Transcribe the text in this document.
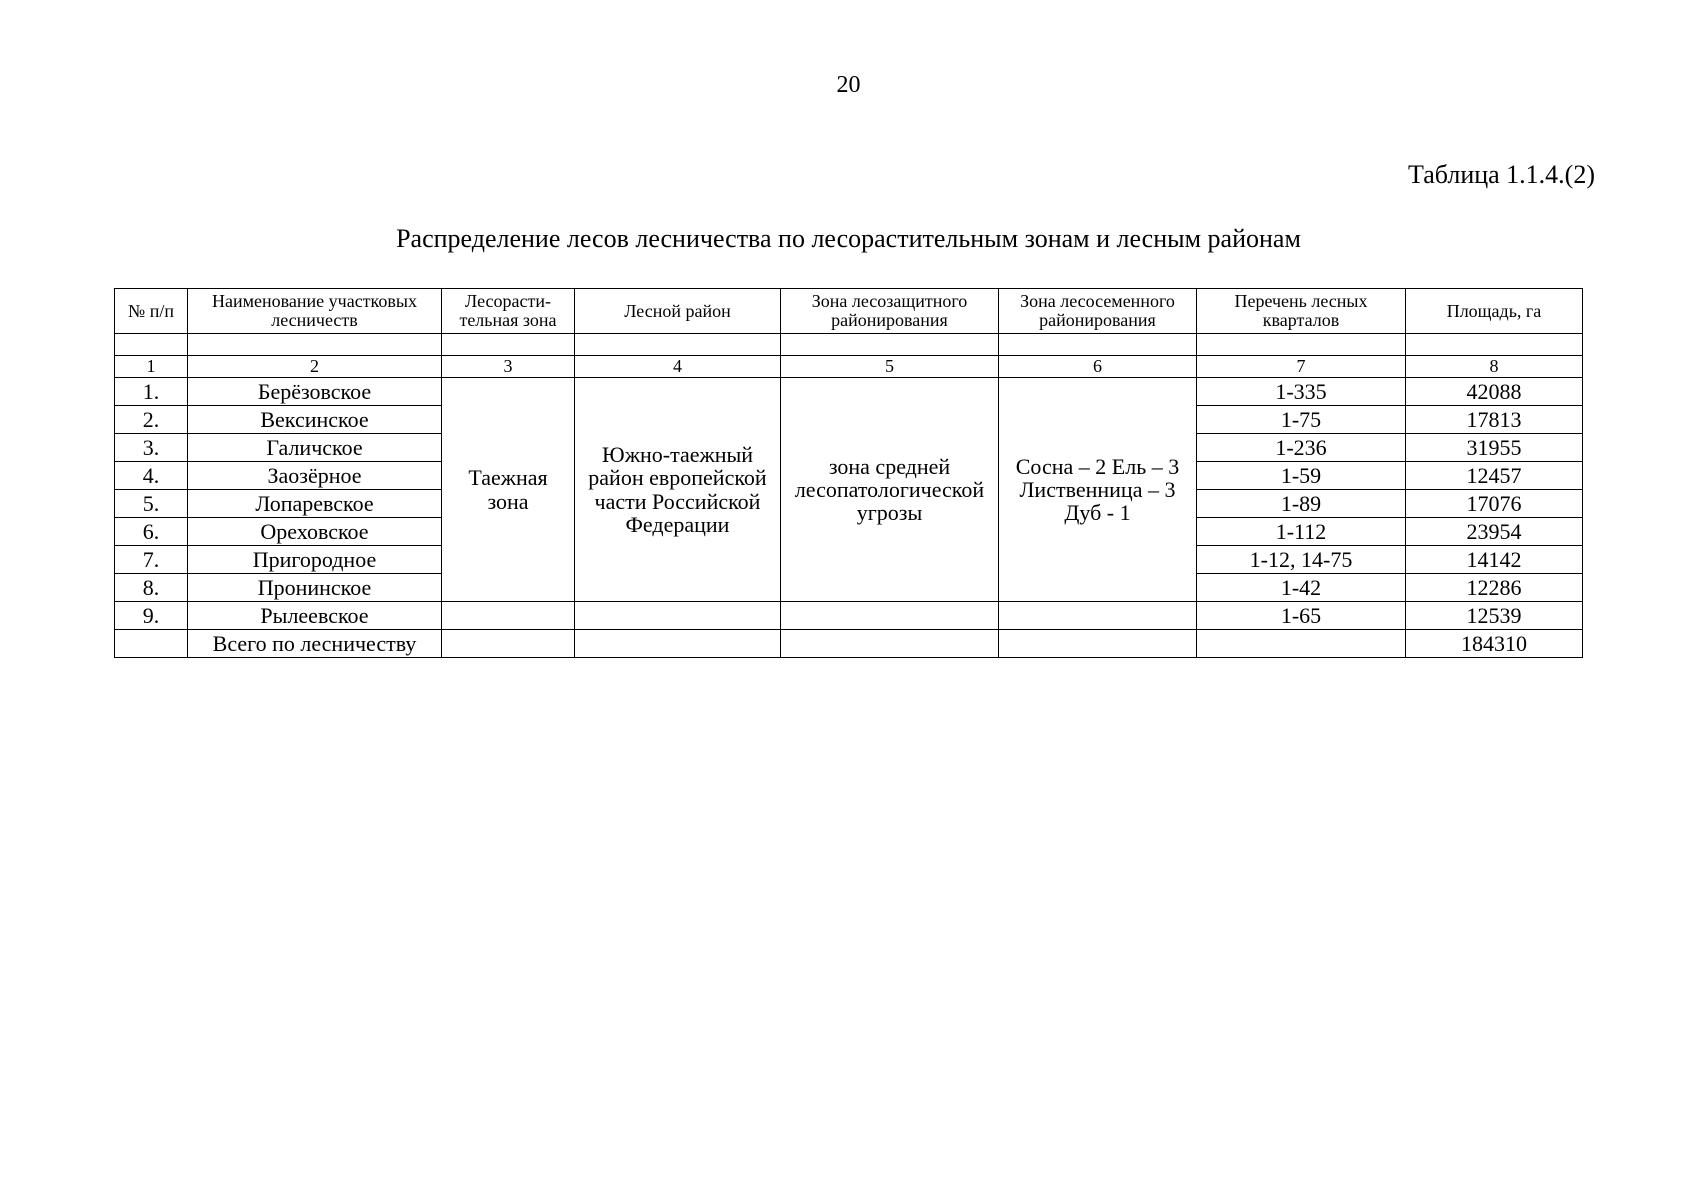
20
Таблица 1.1.4.(2)
Распределение лесов лесничества по лесорастительным зонам и лесным районам
№ п/п	Наименование участковых лесничеств	Лесорасти-тельная зона	Лесной район	Зона лесозащитного районирования	Зона лесосеменного районирования	Перечень лесных кварталов	Площадь, га

1	2	3	4	5	6	7	8
1.	Берёзовское	Таежная зона	Южно-таежный район европейской части Российской Федерации	зона средней лесопатологической угрозы	Сосна – 2 Ель – 3 Лиственница – 3 Дуб - 1	1-335	42088
2.	Вексинское					1-75	17813
3.	Галичское					1-236	31955
4.	Заозёрное					1-59	12457
5.	Лопаревское					1-89	17076
6.	Ореховское					1-112	23954
7.	Пригородное					1-12, 14-75	14142
8.	Пронинское					1-42	12286
9.	Рылеевское					1-65	12539
	Всего по лесничеству						184310
